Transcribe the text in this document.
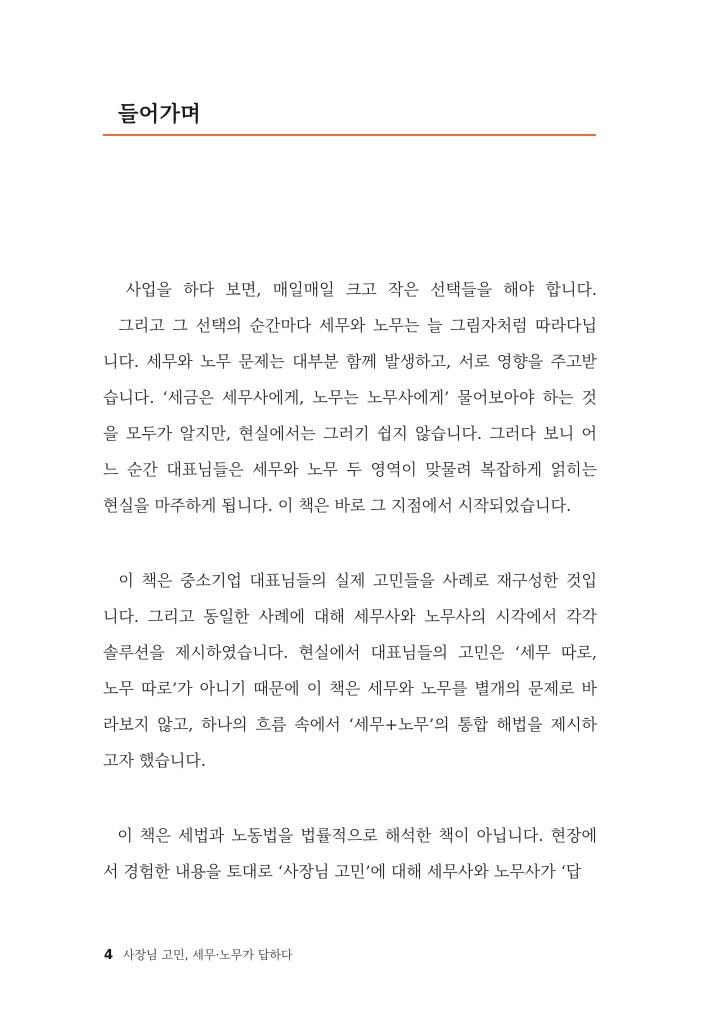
들어가며
사업을 하다 보면, 매일매일 크고 작은 선택들을 해야 합니다.
그리고 그 선택의 순간마다 세무와 노무는 늘 그림자처럼 따라다닙
니다. 세무와 노무 문제는 대부분 함께 발생하고, 서로 영향을 주고받
습니다. ‘세금은 세무사에게, 노무는 노무사에게’ 물어보아야 하는 것
을 모두가 알지만, 현실에서는 그러기 쉽지 않습니다. 그러다 보니 어
느 순간 대표님들은 세무와 노무 두 영역이 맞물려 복잡하게 얽히는
현실을 마주하게 됩니다. 이 책은 바로 그 지점에서 시작되었습니다.
이 책은 중소기업 대표님들의 실제 고민들을 사례로 재구성한 것입
니다. 그리고 동일한 사례에 대해 세무사와 노무사의 시각에서 각각
솔루션을 제시하였습니다. 현실에서 대표님들의 고민은 ‘세무 따로,
노무 따로’가 아니기 때문에 이 책은 세무와 노무를 별개의 문제로 바
라보지 않고, 하나의 흐름 속에서 ‘세무+노무’의 통합 해법을 제시하
고자 했습니다.
이 책은 세법과 노동법을 법률적으로 해석한 책이 아닙니다. 현장에
서 경험한 내용을 토대로 ‘사장님 고민’에 대해 세무사와 노무사가 ‘답
4 사장님 고민, 세무·노무가 답하다
